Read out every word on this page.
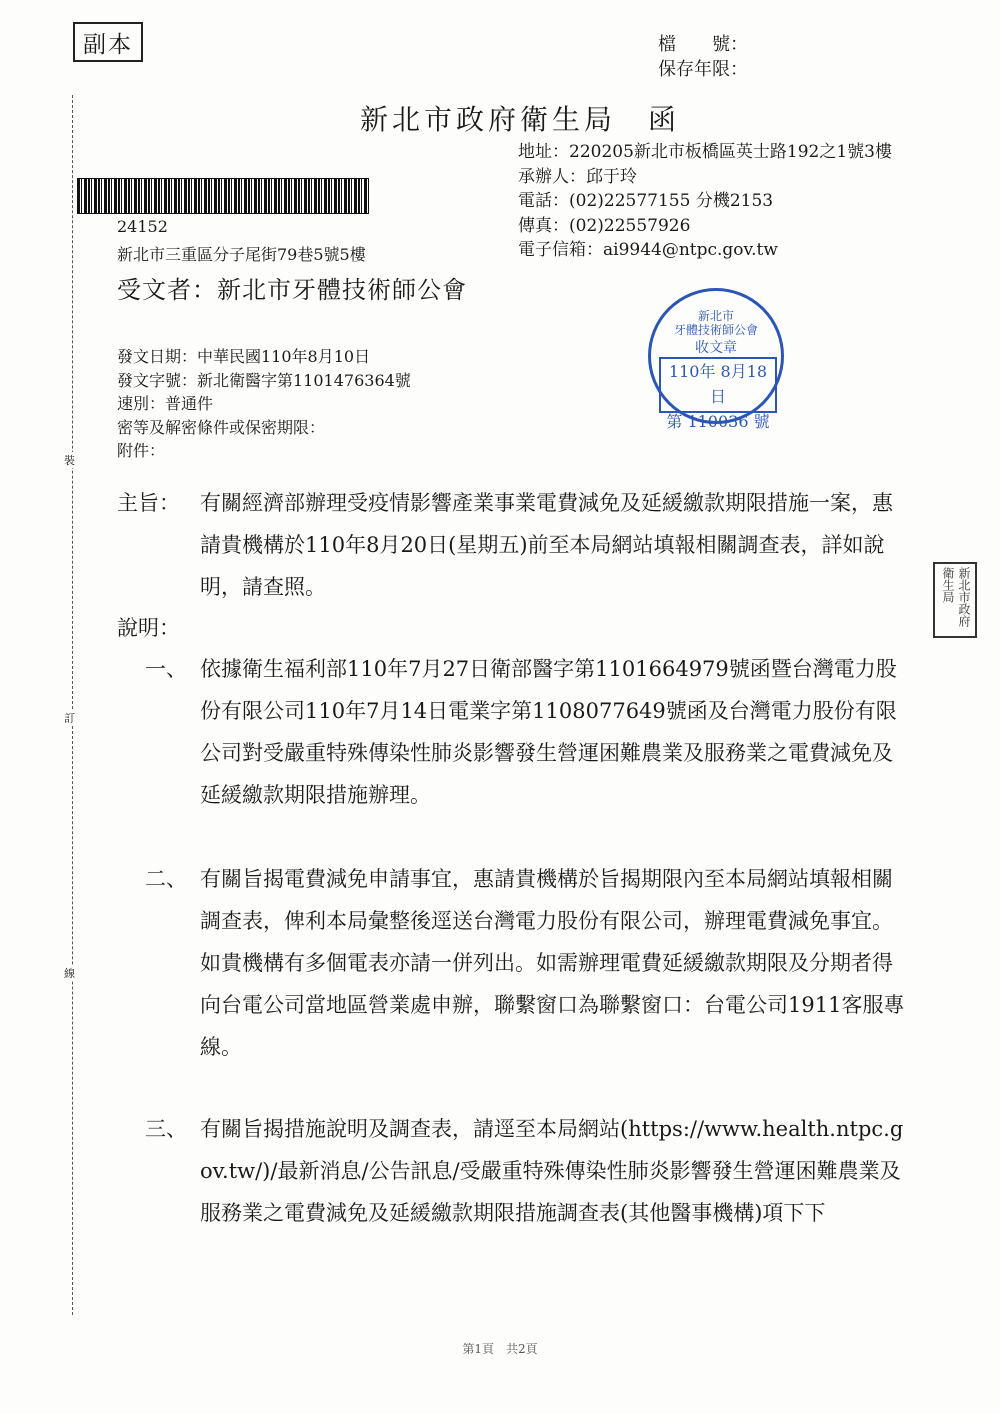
副本	檔　　號：
保存年限：
新北市政府衛生局　函
地址：220205新北市板橋區英士路192之1號3樓
承辦人：邱于玲
電話：(02)22577155 分機2153
傳真：(02)22557926
電子信箱：ai9944@ntpc.gov.tw
24152
新北市三重區分子尾街79巷5號5樓
受文者：新北市牙體技術師公會
發文日期：中華民國110年8月10日
發文字號：新北衛醫字第1101476364號
速別：普通件
密等及解密條件或保密期限：
附件：
裝
訂
線
新北市
牙體技術師公會
收文章
110年 8月18日
第 110036 號
新北市政府衛生局
主旨： 有關經濟部辦理受疫情影響產業事業電費減免及延緩繳款期限措施一案，惠請貴機構於110年8月20日(星期五)前至本局網站填報相關調查表，詳如說明，請查照。
說明：
一、 依據衛生福利部110年7月27日衛部醫字第1101664979號函暨台灣電力股份有限公司110年7月14日電業字第1108077649號函及台灣電力股份有限公司對受嚴重特殊傳染性肺炎影響發生營運困難農業及服務業之電費減免及延緩繳款期限措施辦理。
二、 有關旨揭電費減免申請事宜，惠請貴機構於旨揭期限內至本局網站填報相關調查表，俾利本局彙整後逕送台灣電力股份有限公司，辦理電費減免事宜。如貴機構有多個電表亦請一併列出。如需辦理電費延緩繳款期限及分期者得向台電公司當地區營業處申辦，聯繫窗口為聯繫窗口：台電公司1911客服專線。
三、 有關旨揭措施說明及調查表，請逕至本局網站(https://www.health.ntpc.gov.tw/)/最新消息/公告訊息/受嚴重特殊傳染性肺炎影響發生營運困難農業及服務業之電費減免及延緩繳款期限措施調查表(其他醫事機構)項下下
第1頁　共2頁
